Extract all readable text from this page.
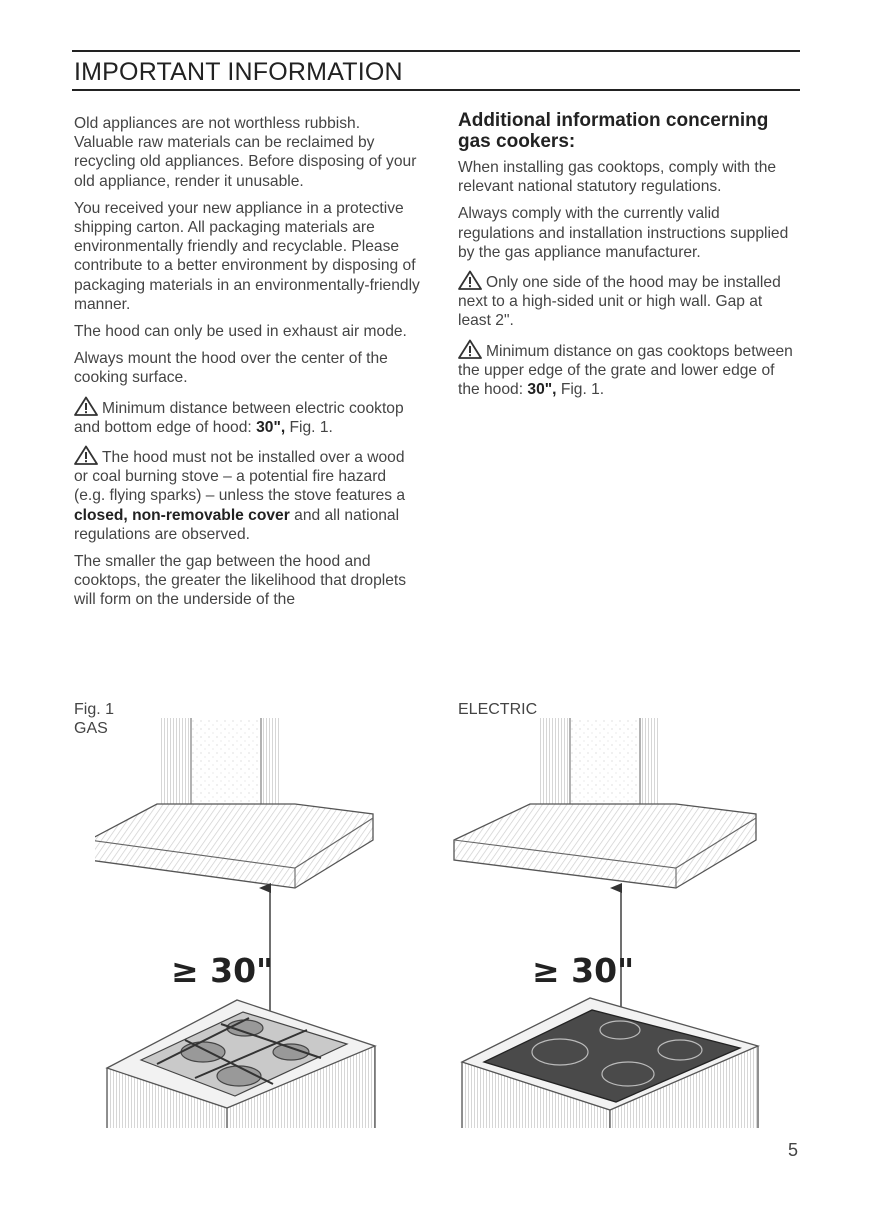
IMPORTANT INFORMATION

Old appliances are not worthless rubbish. Valuable raw materials can be reclaimed by recycling old appliances. Before disposing of your old appliance, render it unusable.

You received your new appliance in a protective shipping carton. All packaging materials are environmentally friendly and recyclable. Please contribute to a better environment by disposing of packaging materials in an environmentally-friendly manner.

The hood can only be used in exhaust air mode.

Always mount the hood over the center of the cooking surface.

Minimum distance between electric cooktop and bottom edge of hood: 30", Fig. 1.

The hood must not be installed over a wood or coal burning stove – a potential fire hazard (e.g. flying sparks) – unless the stove features a closed, non-removable cover and all national regulations are observed.

The smaller the gap between the hood and cooktops, the greater the likelihood that droplets will form on the underside of the

Additional information concerning gas cookers:

When installing gas cooktops, comply with the relevant national statutory regulations.

Always comply with the currently valid regulations and installation instructions supplied by the gas appliance manufacturer.

Only one side of the hood may be installed next to a high-sided unit or high wall. Gap at least 2".

Minimum distance on gas cooktops between the upper edge of the grate and lower edge of the hood: 30", Fig. 1.

Fig. 1
GAS
ELECTRIC
≥ 30"	≥ 30"
5
